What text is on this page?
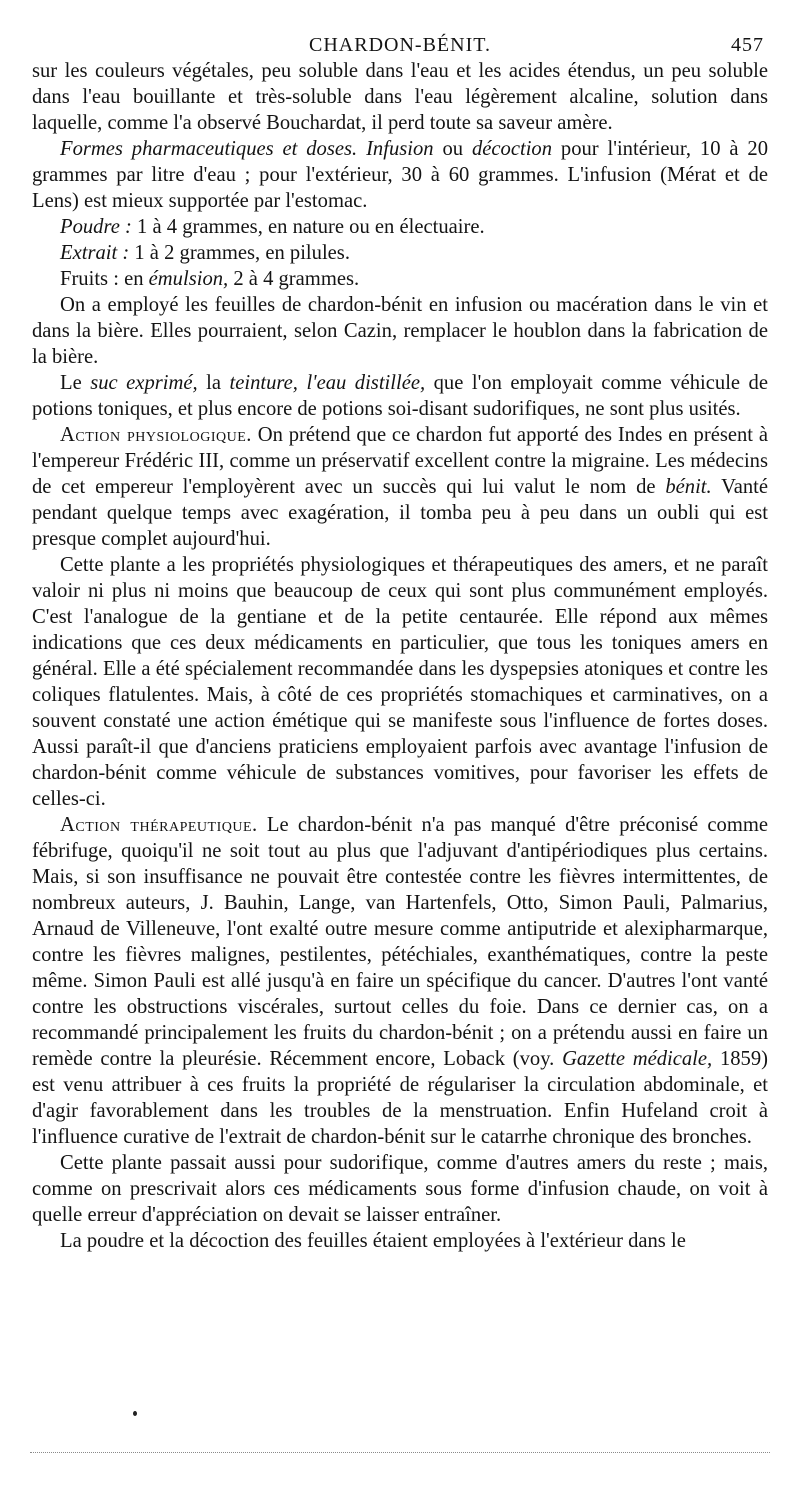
CHARDON-BÉNIT.	457

sur les couleurs végétales, peu soluble dans l'eau et les acides étendus, un peu soluble dans l'eau bouillante et très-soluble dans l'eau légèrement alcaline, solution dans laquelle, comme l'a observé Bouchardat, il perd toute sa saveur amère.

Formes pharmaceutiques et doses. Infusion ou décoction pour l'intérieur, 10 à 20 grammes par litre d'eau ; pour l'extérieur, 30 à 60 grammes. L'infusion (Mérat et de Lens) est mieux supportée par l'estomac.

Poudre : 1 à 4 grammes, en nature ou en électuaire.

Extrait : 1 à 2 grammes, en pilules.

Fruits : en émulsion, 2 à 4 grammes.

On a employé les feuilles de chardon-bénit en infusion ou macération dans le vin et dans la bière. Elles pourraient, selon Cazin, remplacer le houblon dans la fabrication de la bière.

Le suc exprimé, la teinture, l'eau distillée, que l'on employait comme véhicule de potions toniques, et plus encore de potions soi-disant sudorifiques, ne sont plus usités.

Action physiologique. On prétend que ce chardon fut apporté des Indes en présent à l'empereur Frédéric III, comme un préservatif excellent contre la migraine. Les médecins de cet empereur l'employèrent avec un succès qui lui valut le nom de bénit. Vanté pendant quelque temps avec exagération, il tomba peu à peu dans un oubli qui est presque complet aujourd'hui.

Cette plante a les propriétés physiologiques et thérapeutiques des amers, et ne paraît valoir ni plus ni moins que beaucoup de ceux qui sont plus communément employés. C'est l'analogue de la gentiane et de la petite centaurée. Elle répond aux mêmes indications que ces deux médicaments en particulier, que tous les toniques amers en général. Elle a été spécialement recommandée dans les dyspepsies atoniques et contre les coliques flatulentes. Mais, à côté de ces propriétés stomachiques et carminatives, on a souvent constaté une action émétique qui se manifeste sous l'influence de fortes doses. Aussi paraît-il que d'anciens praticiens employaient parfois avec avantage l'infusion de chardon-bénit comme véhicule de substances vomitives, pour favoriser les effets de celles-ci.

Action thérapeutique. Le chardon-bénit n'a pas manqué d'être préconisé comme fébrifuge, quoiqu'il ne soit tout au plus que l'adjuvant d'antipériodiques plus certains. Mais, si son insuffisance ne pouvait être contestée contre les fièvres intermittentes, de nombreux auteurs, J. Bauhin, Lange, van Hartenfels, Otto, Simon Pauli, Palmarius, Arnaud de Villeneuve, l'ont exalté outre mesure comme antiputride et alexipharmarque, contre les fièvres malignes, pestilentes, pétéchiales, exanthématiques, contre la peste même. Simon Pauli est allé jusqu'à en faire un spécifique du cancer. D'autres l'ont vanté contre les obstructions viscérales, surtout celles du foie. Dans ce dernier cas, on a recommandé principalement les fruits du chardon-bénit ; on a prétendu aussi en faire un remède contre la pleurésie. Récemment encore, Loback (voy. Gazette médicale, 1859) est venu attribuer à ces fruits la propriété de régulariser la circulation abdominale, et d'agir favorablement dans les troubles de la menstruation. Enfin Hufeland croit à l'influence curative de l'extrait de chardon-bénit sur le catarrhe chronique des bronches.

Cette plante passait aussi pour sudorifique, comme d'autres amers du reste ; mais, comme on prescrivait alors ces médicaments sous forme d'infusion chaude, on voit à quelle erreur d'appréciation on devait se laisser entraîner.

La poudre et la décoction des feuilles étaient employées à l'extérieur dans le
